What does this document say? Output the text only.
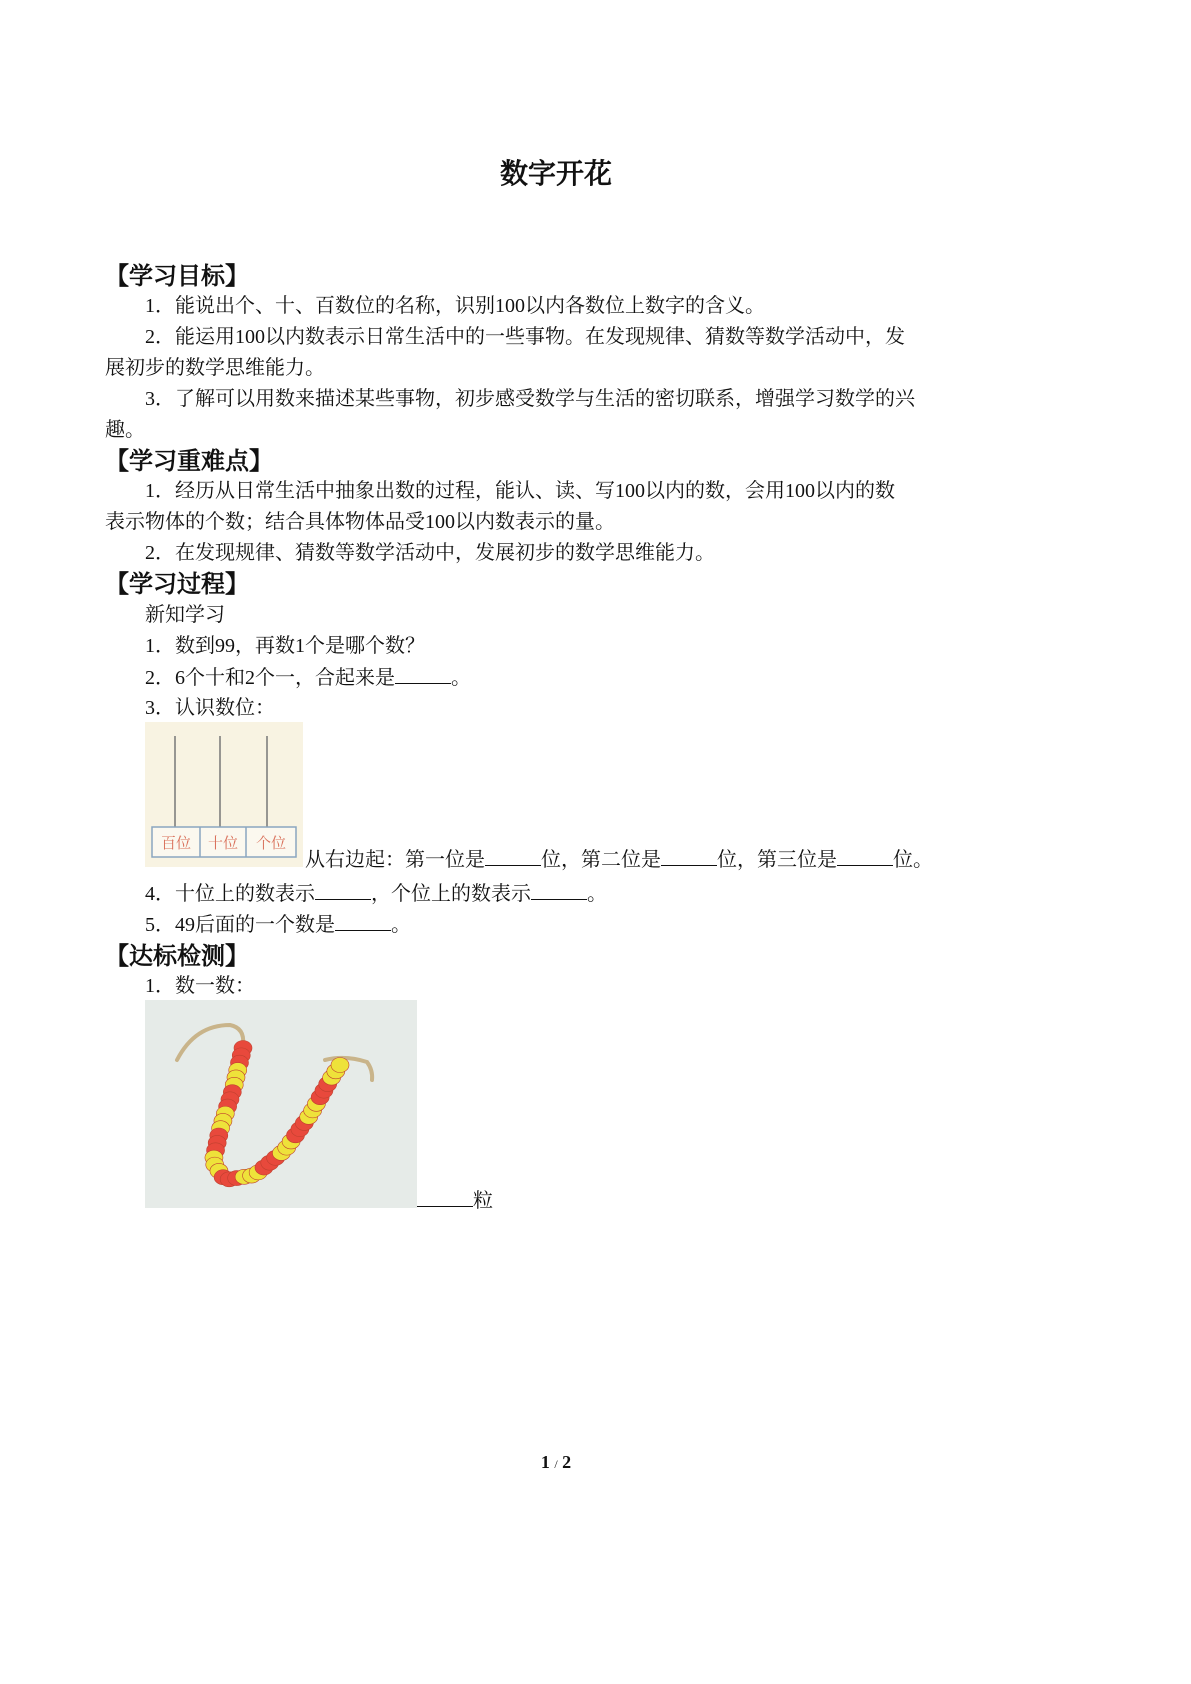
数字开花
【学习目标】
1．能说出个、十、百数位的名称，识别100以内各数位上数字的含义。
2．能运用100以内数表示日常生活中的一些事物。在发现规律、猜数等数学活动中，发
展初步的数学思维能力。
3．了解可以用数来描述某些事物，初步感受数学与生活的密切联系，增强学习数学的兴
趣。
【学习重难点】
1．经历从日常生活中抽象出数的过程，能认、读、写100以内的数，会用100以内的数
表示物体的个数；结合具体物体品受100以内数表示的量。
2．在发现规律、猜数等数学活动中，发展初步的数学思维能力。
【学习过程】
新知学习
1．数到99，再数1个是哪个数？
2．6个十和2个一，合起来是	。
3．认识数位：
百位 十位 个位
从右边起：第一位是	位，第二位是	位，第三位是	位。
4．十位上的数表示	，个位上的数表示	。
5．49后面的一个数是	。
【达标检测】
1．数一数：
粒
1 / 2
